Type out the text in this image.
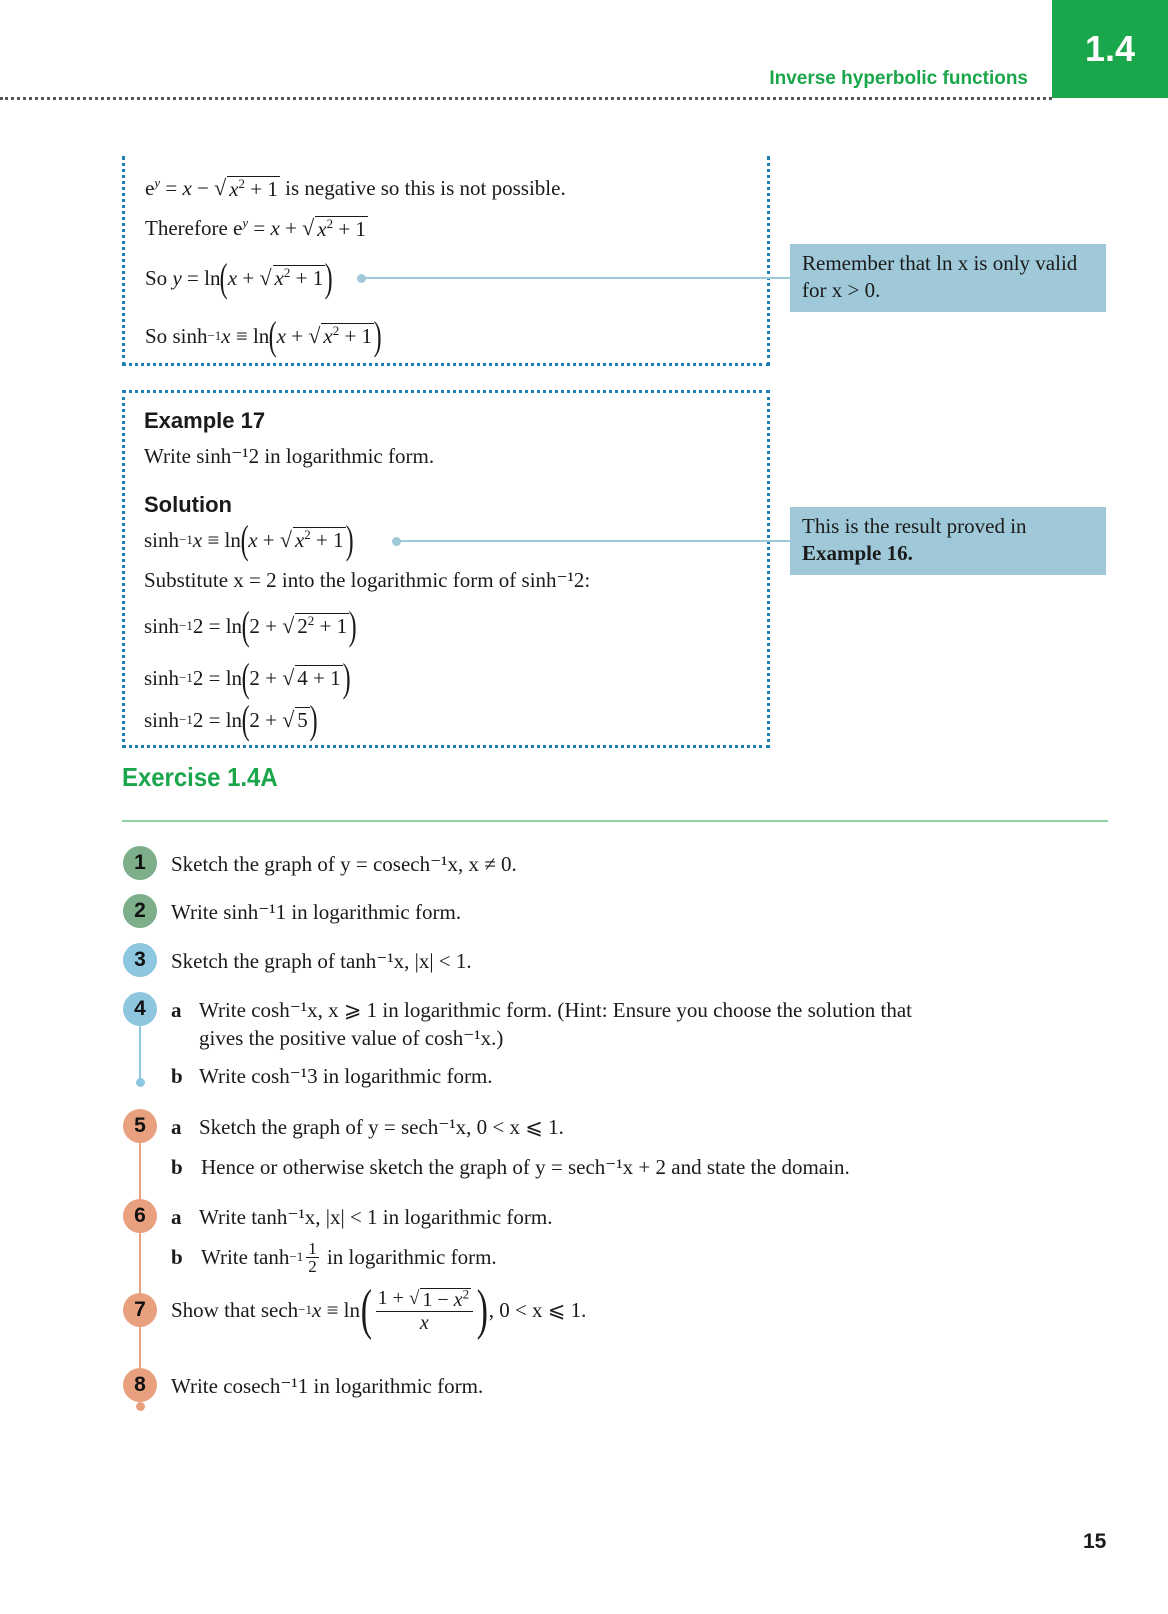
Inverse hyperbolic functions
1.4
$e^y = x$ − √ $x^2 + 1$ is negative so this is not possible.
Therefore $e^y = x$ + √ $x^2 + 1$
So
y = ln ( x + √ $x^2 + 1$ )
So sinh −1 x ≡ ln ( x + √ $x^2 + 1$ )
Remember that ln x is only valid for x > 0.
Example 17
Write sinh⁻¹2 in logarithmic form.
Solution
sinh −1 x ≡ ln ( x + √ $x^2 + 1$ )
Substitute x = 2 into the logarithmic form of sinh⁻¹2:
sinh −1 2 = ln ( 2 + √ $2^2 + 1$ )
sinh −1 2 = ln ( 2 + √ 4 + 1 )
sinh −1 2 = ln ( 2 + √ 5 )
This is the result proved in
Example 16.
Exercise 1.4A
1	Sketch the graph of y = cosech⁻¹x, x ≠ 0.
2	Write sinh⁻¹1 in logarithmic form.
3	Sketch the graph of tanh⁻¹x, |x| < 1.
4	a Write cosh⁻¹x, x ⩾ 1 in logarithmic form. (Hint: Ensure you choose the solution that
gives the positive value of cosh⁻¹x.)
b Write cosh⁻¹3 in logarithmic form.
5	a Sketch the graph of y = sech⁻¹x, 0 < x ⩽ 1.
b Hence or otherwise sketch the graph of y = sech⁻¹x + 2 and state the domain.
6	a Write tanh⁻¹x, |x| < 1 in logarithmic form.
b Write $\tanh -1 \frac{1}{2}$
in logarithmic form.
7	Show that sech −1 x ≡ ln ( $\frac{1 + √ 1 - x^2}{x}$ ) , 0 < x ⩽ 1.
8	Write cosech⁻¹1 in logarithmic form.
15
